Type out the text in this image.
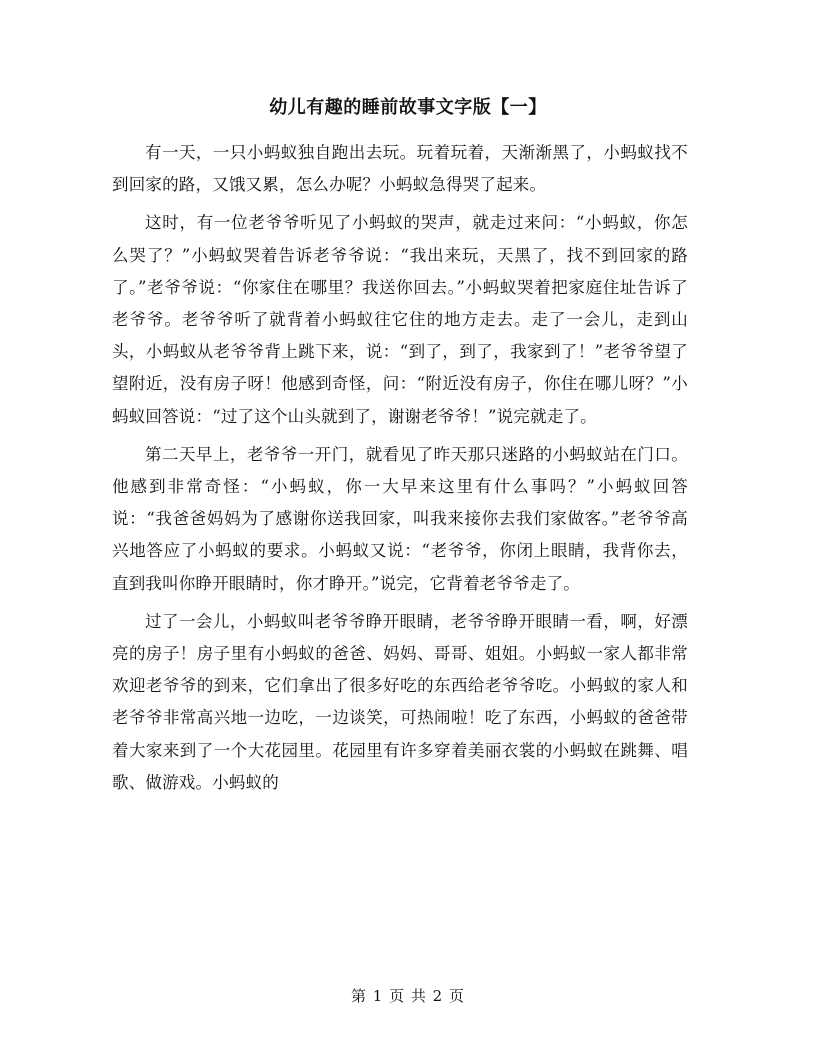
幼儿有趣的睡前故事文字版【一】

有一天，一只小蚂蚁独自跑出去玩。玩着玩着，天渐渐黑了，小蚂蚁找不到回家的路，又饿又累，怎么办呢？小蚂蚁急得哭了起来。

这时，有一位老爷爷听见了小蚂蚁的哭声，就走过来问：“小蚂蚁，你怎么哭了？”小蚂蚁哭着告诉老爷爷说：“我出来玩，天黑了，找不到回家的路了。”老爷爷说：“你家住在哪里？我送你回去。”小蚂蚁哭着把家庭住址告诉了老爷爷。老爷爷听了就背着小蚂蚁往它住的地方走去。走了一会儿，走到山头，小蚂蚁从老爷爷背上跳下来，说：“到了，到了，我家到了！”老爷爷望了望附近，没有房子呀！他感到奇怪，问：“附近没有房子，你住在哪儿呀？”小蚂蚁回答说：“过了这个山头就到了，谢谢老爷爷！”说完就走了。

第二天早上，老爷爷一开门，就看见了昨天那只迷路的小蚂蚁站在门口。他感到非常奇怪：“小蚂蚁，你一大早来这里有什么事吗？”小蚂蚁回答说：“我爸爸妈妈为了感谢你送我回家，叫我来接你去我们家做客。”老爷爷高兴地答应了小蚂蚁的要求。小蚂蚁又说：“老爷爷，你闭上眼睛，我背你去，直到我叫你睁开眼睛时，你才睁开。”说完，它背着老爷爷走了。

过了一会儿，小蚂蚁叫老爷爷睁开眼睛，老爷爷睁开眼睛一看，啊，好漂亮的房子！房子里有小蚂蚁的爸爸、妈妈、哥哥、姐姐。小蚂蚁一家人都非常欢迎老爷爷的到来，它们拿出了很多好吃的东西给老爷爷吃。小蚂蚁的家人和老爷爷非常高兴地一边吃，一边谈笑，可热闹啦！吃了东西，小蚂蚁的爸爸带着大家来到了一个大花园里。花园里有许多穿着美丽衣裳的小蚂蚁在跳舞、唱歌、做游戏。小蚂蚁的

第 1 页 共 2 页
